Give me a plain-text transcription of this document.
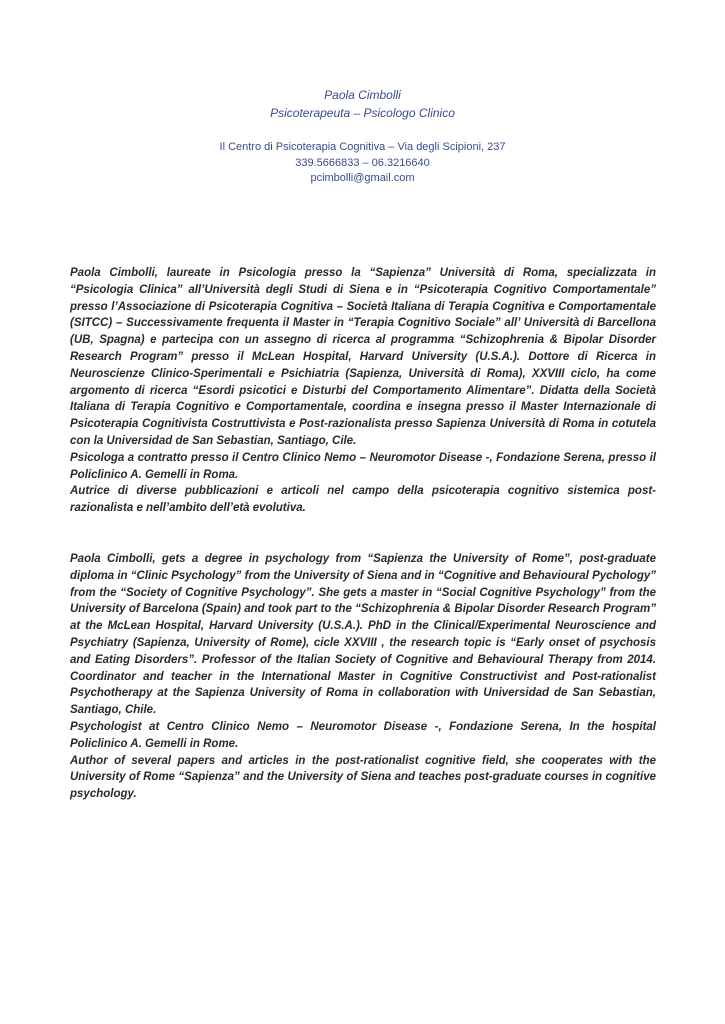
Paola Cimbolli
Psicoterapeuta – Psicologo Clinico
Il Centro di Psicoterapia Cognitiva – Via degli Scipioni, 237
339.5666833 – 06.3216640
pcimbolli@gmail.com

Paola Cimbolli, laureate in Psicologia presso la “Sapienza” Università di Roma, specializzata in “Psicologia Clinica” all’Università degli Studi di Siena e in “Psicoterapia Cognitivo Comportamentale” presso l’Associazione di Psicoterapia Cognitiva – Società Italiana di Terapia Cognitiva e Comportamentale (SITCC) – Successivamente frequenta il Master in “Terapia Cognitivo Sociale” all’ Università di Barcellona (UB, Spagna) e partecipa con un assegno di ricerca al programma “Schizophrenia & Bipolar Disorder Research Program” presso il McLean Hospital, Harvard University (U.S.A.). Dottore di Ricerca in Neuroscienze Clinico-Sperimentali e Psichiatria (Sapienza, Università di Roma), XXVIII ciclo, ha come argomento di ricerca “Esordi psicotici e Disturbi del Comportamento Alimentare”. Didatta della Società Italiana di Terapia Cognitivo e Comportamentale, coordina e insegna presso il Master Internazionale di Psicoterapia Cognitivista Costruttivista e Post-razionalista presso Sapienza Università di Roma in cotutela con la Universidad de San Sebastian, Santiago, Cile.

Psicologa a contratto presso il Centro Clinico Nemo – Neuromotor Disease -, Fondazione Serena, presso il Policlinico A. Gemelli in Roma.

Autrice di diverse pubblicazioni e articoli nel campo della psicoterapia cognitivo sistemica post-razionalista e nell’ambito dell’età evolutiva.

Paola Cimbolli, gets a degree in psychology from “Sapienza the University of Rome”, post-graduate diploma in “Clinic Psychology” from the University of Siena and in “Cognitive and Behavioural Pychology” from the “Society of Cognitive Psychology”. She gets a master in “Social Cognitive Psychology” from the University of Barcelona (Spain) and took part to the “Schizophrenia & Bipolar Disorder Research Program” at the McLean Hospital, Harvard University (U.S.A.). PhD in the Clinical/Experimental Neuroscience and Psychiatry (Sapienza, University of Rome), cicle XXVIII , the research topic is “Early onset of psychosis and Eating Disorders”. Professor of the Italian Society of Cognitive and Behavioural Therapy from 2014. Coordinator and teacher in the International Master in Cognitive Constructivist and Post-rationalist Psychotherapy at the Sapienza University of Roma in collaboration with Universidad de San Sebastian, Santiago, Chile.

Psychologist at Centro Clinico Nemo – Neuromotor Disease -, Fondazione Serena, In the hospital Policlinico A. Gemelli in Rome.

Author of several papers and articles in the post-rationalist cognitive field, she cooperates with the University of Rome “Sapienza” and the University of Siena and teaches post-graduate courses in cognitive psychology.
